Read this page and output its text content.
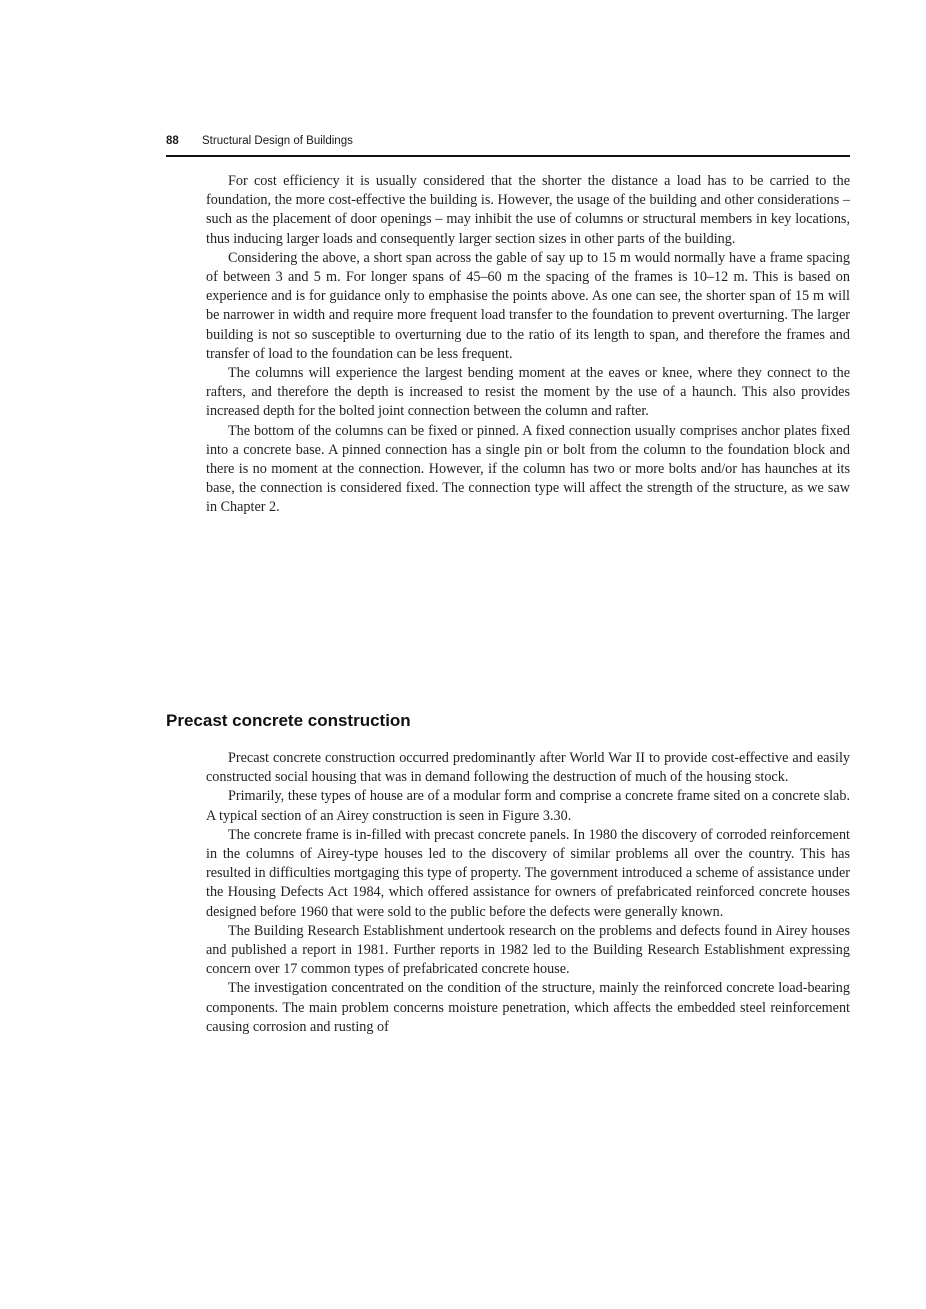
88 Structural Design of Buildings

For cost efficiency it is usually considered that the shorter the distance a load has to be carried to the foundation, the more cost-effective the building is. However, the usage of the building and other considerations – such as the placement of door openings – may inhibit the use of columns or structural members in key locations, thus inducing larger loads and consequently larger section sizes in other parts of the building.

Considering the above, a short span across the gable of say up to 15 m would normally have a frame spacing of between 3 and 5 m. For longer spans of 45–60 m the spacing of the frames is 10–12 m. This is based on experience and is for guidance only to emphasise the points above. As one can see, the shorter span of 15 m will be narrower in width and require more frequent load transfer to the foundation to prevent overturning. The larger building is not so susceptible to overturning due to the ratio of its length to span, and therefore the frames and transfer of load to the foundation can be less frequent.

The columns will experience the largest bending moment at the eaves or knee, where they connect to the rafters, and therefore the depth is increased to resist the moment by the use of a haunch. This also provides increased depth for the bolted joint connection between the column and rafter.

The bottom of the columns can be fixed or pinned. A fixed connection usually comprises anchor plates fixed into a concrete base. A pinned connection has a single pin or bolt from the column to the foundation block and there is no moment at the connection. However, if the column has two or more bolts and/or has haunches at its base, the connection is considered fixed. The connection type will affect the strength of the structure, as we saw in Chapter 2.

Precast concrete construction

Precast concrete construction occurred predominantly after World War II to provide cost-effective and easily constructed social housing that was in demand following the destruction of much of the housing stock.

Primarily, these types of house are of a modular form and comprise a concrete frame sited on a concrete slab. A typical section of an Airey construction is seen in Figure 3.30.

The concrete frame is in-filled with precast concrete panels. In 1980 the discovery of corroded reinforcement in the columns of Airey-type houses led to the discovery of similar problems all over the country. This has resulted in difficulties mortgaging this type of property. The government introduced a scheme of assistance under the Housing Defects Act 1984, which offered assistance for owners of prefabricated reinforced concrete houses designed before 1960 that were sold to the public before the defects were generally known.

The Building Research Establishment undertook research on the problems and defects found in Airey houses and published a report in 1981. Further reports in 1982 led to the Building Research Establishment expressing concern over 17 common types of prefabricated concrete house.

The investigation concentrated on the condition of the structure, mainly the reinforced concrete load-bearing components. The main problem concerns moisture penetration, which affects the embedded steel reinforcement causing corrosion and rusting of
